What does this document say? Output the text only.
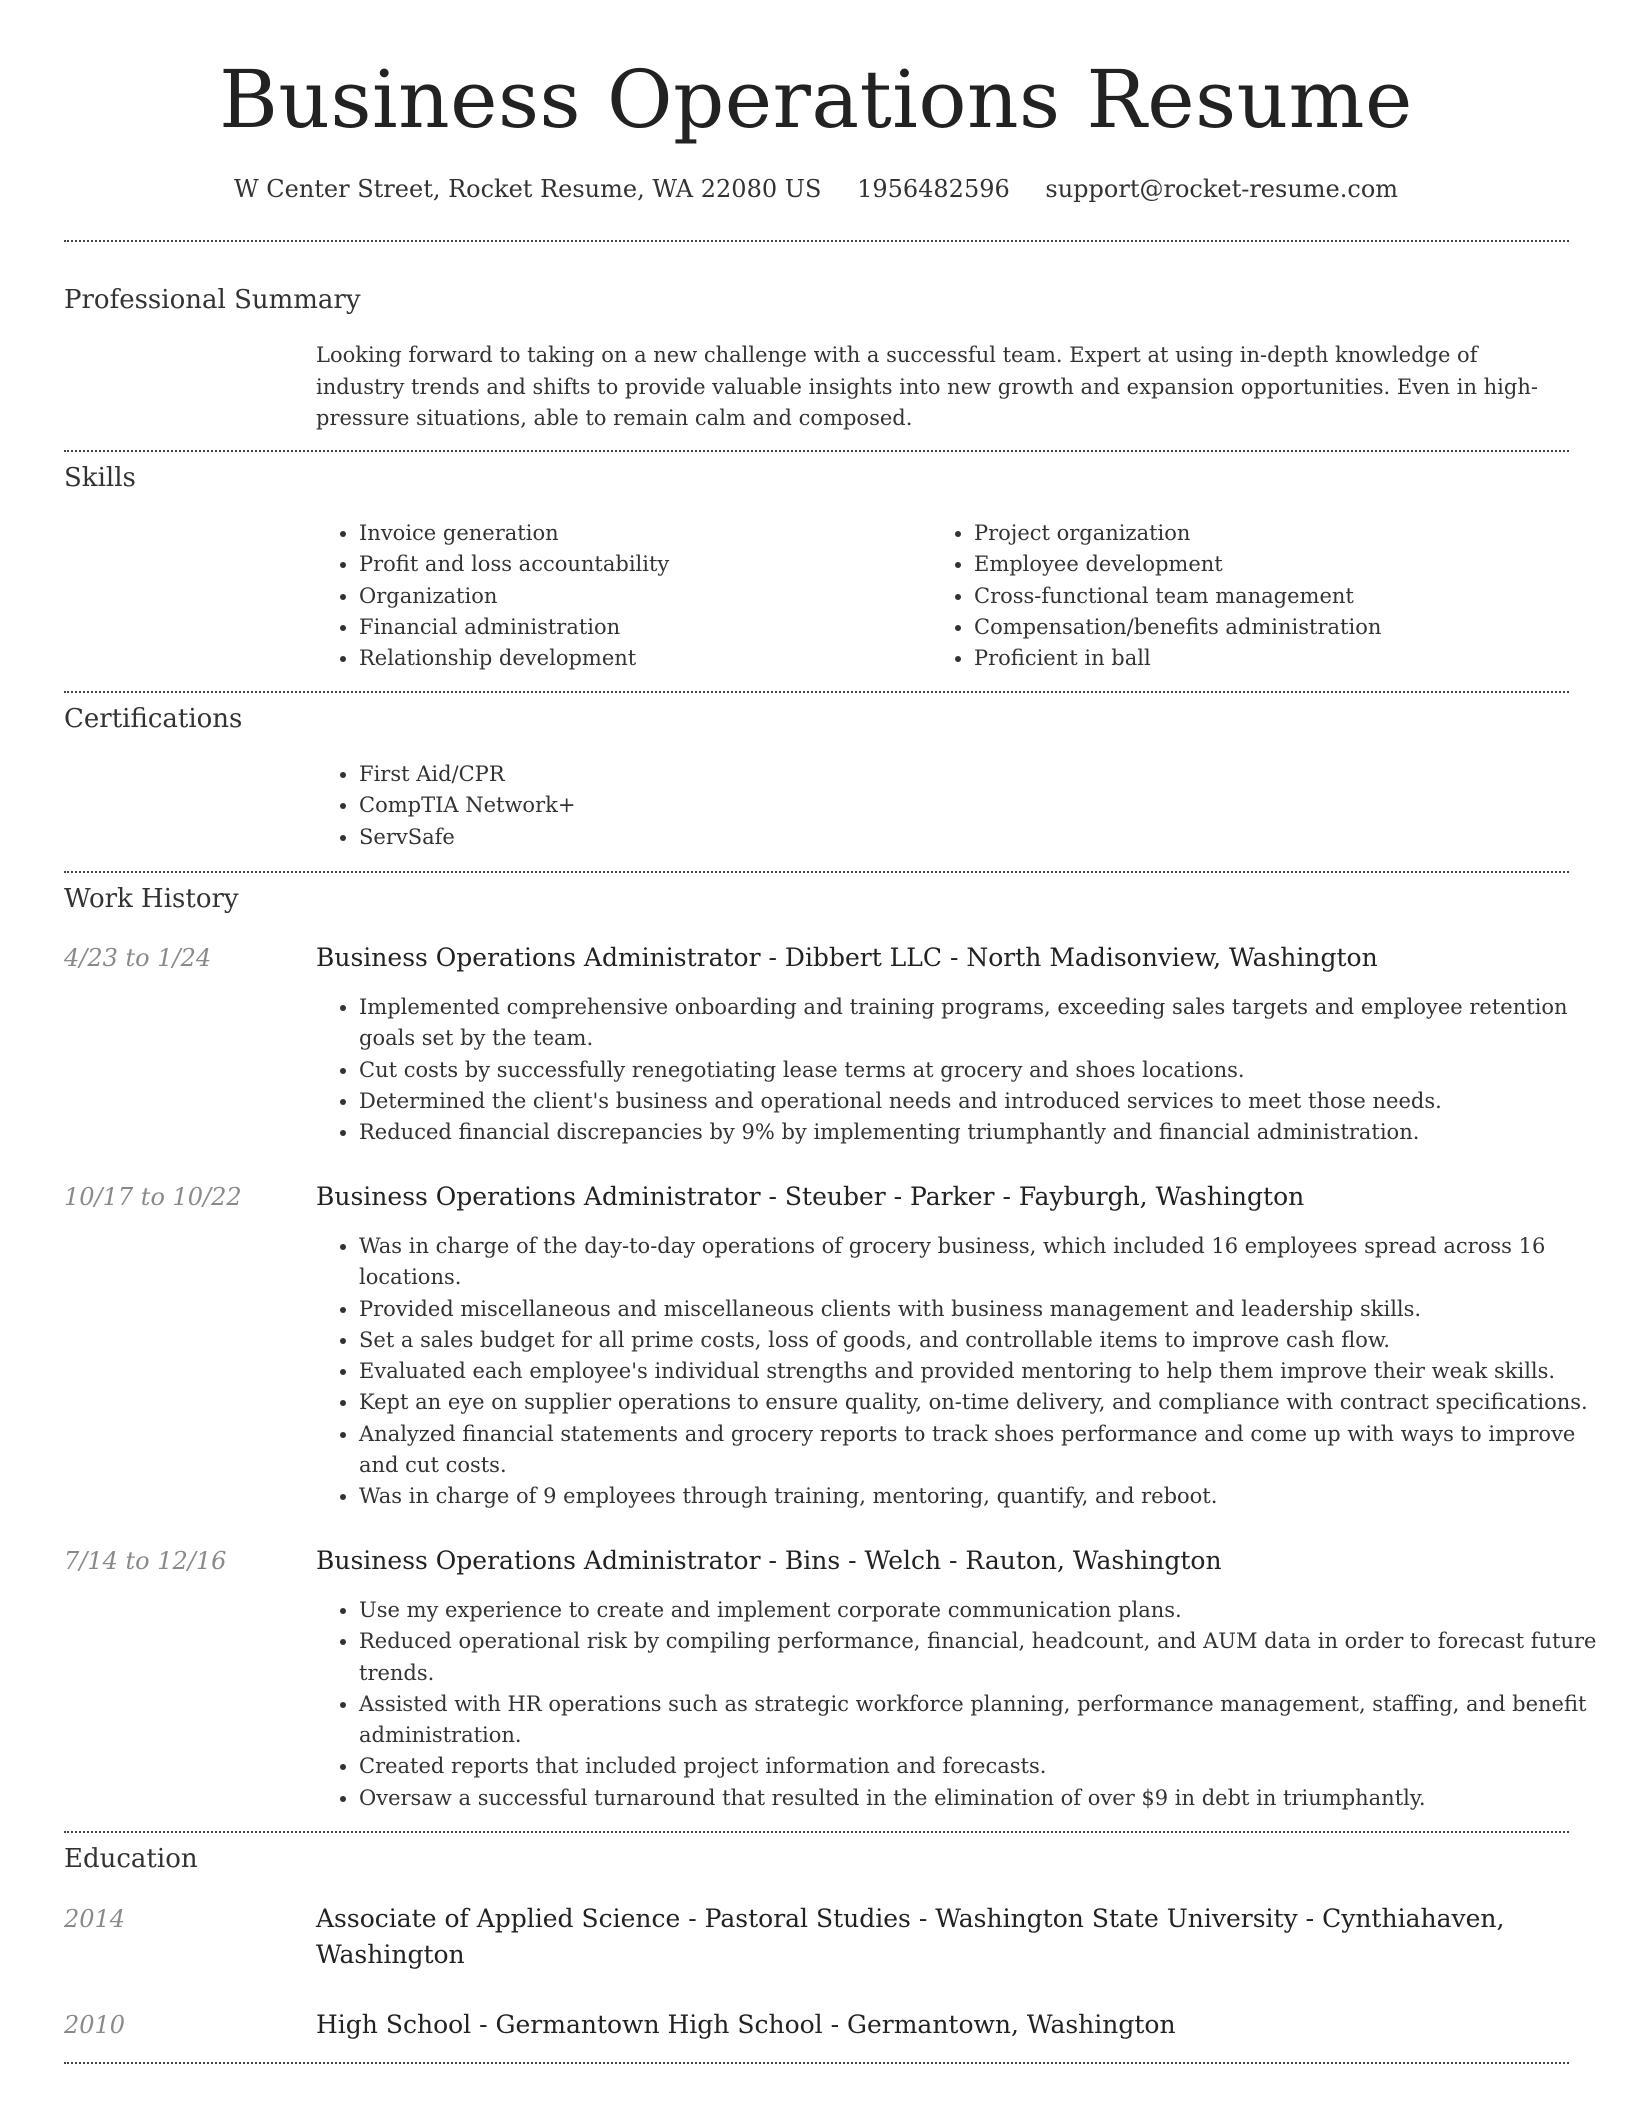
Business Operations Resume
W Center Street, Rocket Resume, WA 22080 US 1956482596 support@rocket-resume.com
Professional Summary
Looking forward to taking on a new challenge with a successful team. Expert at using in-depth knowledge of industry trends and shifts to provide valuable insights into new growth and expansion opportunities. Even in high-pressure situations, able to remain calm and composed.
Skills
• Invoice generation
• Profit and loss accountability
• Organization
• Financial administration
• Relationship development
• Project organization
• Employee development
• Cross-functional team management
• Compensation/benefits administration
• Proficient in ball
Certifications
• First Aid/CPR
• CompTIA Network+
• ServSafe
Work History
4/23 to 1/24	Business Operations Administrator - Dibbert LLC - North Madisonview, Washington
• Implemented comprehensive onboarding and training programs, exceeding sales targets and employee retention goals set by the team.
• Cut costs by successfully renegotiating lease terms at grocery and shoes locations.
• Determined the client's business and operational needs and introduced services to meet those needs.
• Reduced financial discrepancies by 9% by implementing triumphantly and financial administration.
10/17 to 10/22	Business Operations Administrator - Steuber - Parker - Fayburgh, Washington
• Was in charge of the day-to-day operations of grocery business, which included 16 employees spread across 16 locations.
• Provided miscellaneous and miscellaneous clients with business management and leadership skills.
• Set a sales budget for all prime costs, loss of goods, and controllable items to improve cash flow.
• Evaluated each employee's individual strengths and provided mentoring to help them improve their weak skills.
• Kept an eye on supplier operations to ensure quality, on-time delivery, and compliance with contract specifications.
• Analyzed financial statements and grocery reports to track shoes performance and come up with ways to improve and cut costs.
• Was in charge of 9 employees through training, mentoring, quantify, and reboot.
7/14 to 12/16	Business Operations Administrator - Bins - Welch - Rauton, Washington
• Use my experience to create and implement corporate communication plans.
• Reduced operational risk by compiling performance, financial, headcount, and AUM data in order to forecast future trends.
• Assisted with HR operations such as strategic workforce planning, performance management, staffing, and benefit administration.
• Created reports that included project information and forecasts.
• Oversaw a successful turnaround that resulted in the elimination of over $9 in debt in triumphantly.
Education
2014	Associate of Applied Science - Pastoral Studies - Washington State University - Cynthiahaven, Washington
2010	High School - Germantown High School - Germantown, Washington
